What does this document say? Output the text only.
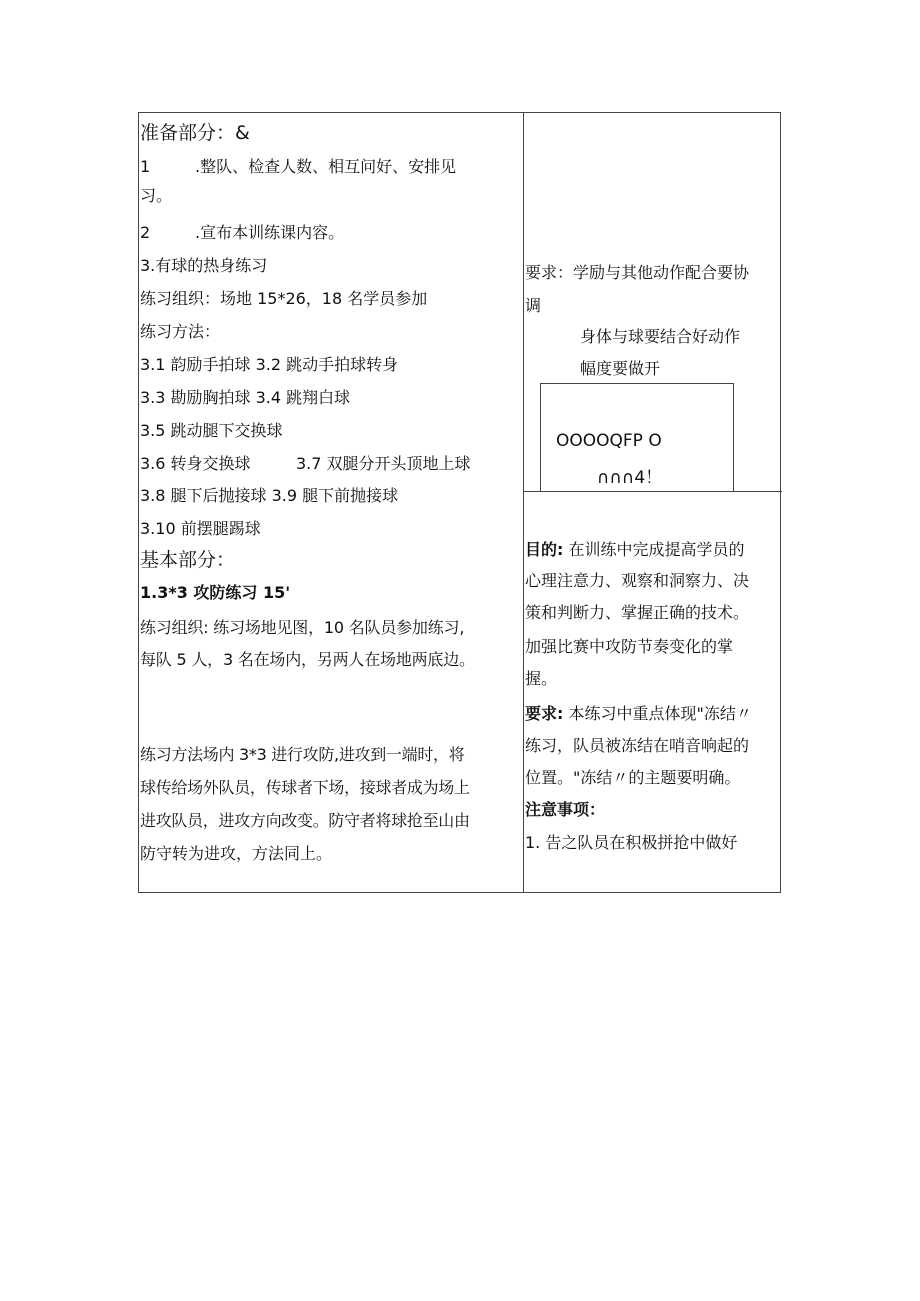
准备部分：&
1	.整队、检查人数、相互问好、安排见
习。
2	.宣布本训练课内容。
3.有球的热身练习
练习组织：场地 15*26，18 名学员参加
练习方法：
3.1 韵励手拍球 3.2 跳动手拍球转身
3.3 勘励胸拍球 3.4 跳翔白球
3.5 跳动腿下交换球
3.6 转身交换球	3.7 双腿分开头顶地上球
3.8 腿下后抛接球 3.9 腿下前抛接球
3.10 前摆腿踢球
基本部分：
1.3*3 攻防练习 15'
练习组织: 练习场地见图，10 名队员参加练习,
每队 5 人，3 名在场内，另两人在场地两底边。
练习方法场内 3*3 进行攻防,进攻到一端时，将
球传给场外队员，传球者下场，接球者成为场上
进攻队员，进攻方向改变。防守者将球抢至山由
防守转为进攻，方法同上。
要求：学励与其他动作配合要协
调
身体与球要结合好动作
幅度要做开
OOOOQFP O
∩∩∩4！
目的: 在训练中完成提高学员的
心理注意力、观察和洞察力、决
策和判断力、掌握正确的技术。
加强比赛中攻防节奏变化的掌
握。
要求: 本练习中重点体现"冻结〃
练习，队员被冻结在哨音响起的
位置。"冻结〃的主题要明确。
注意事项：
1. 告之队员在积极拼抢中做好
